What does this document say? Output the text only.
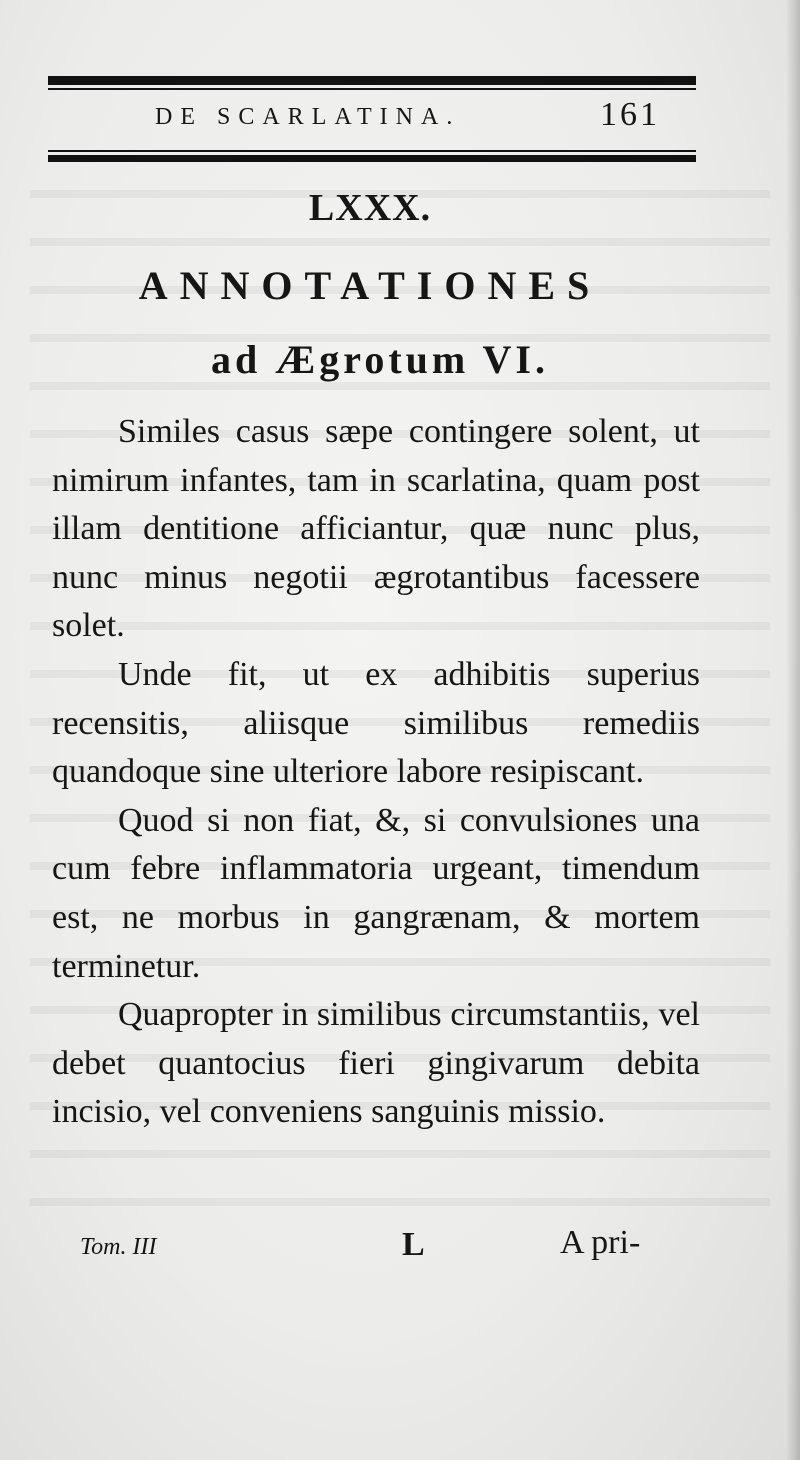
DE SCARLATINA.	161

LXXX.
ANNOTATIONES
ad Ægrotum VI.

Similes casus sæpe contingere solent, ut nimirum infantes, tam in scarlatina, quam post illam dentitione afficiantur, quæ nunc plus, nunc minus negotii ægrotantibus facessere solet.

Unde fit, ut ex adhibitis superius recensitis, aliisque similibus remediis quandoque sine ulteriore labore resipiscant.

Quod si non fiat, &, si convulsiones una cum febre inflammatoria urgeant, timendum est, ne morbus in gangrænam, & mortem terminetur.

Quapropter in similibus circumstantiis, vel debet quantocius fieri gingivarum debita incisio, vel conveniens sanguinis missio.

Tom. III	L	A pri-
